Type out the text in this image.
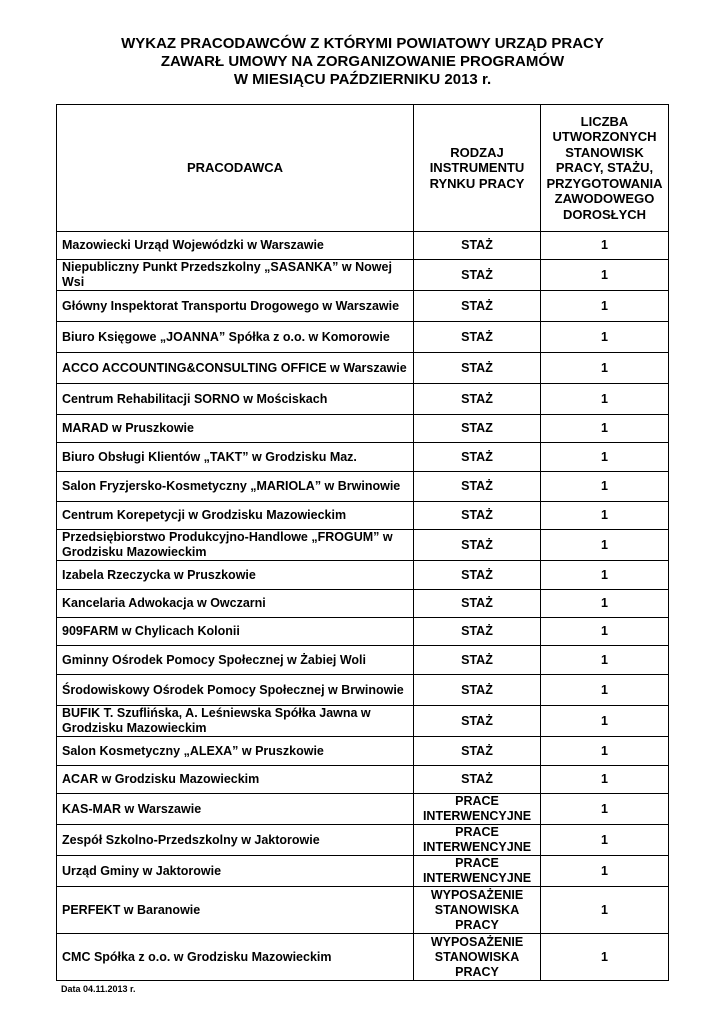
WYKAZ PRACODAWCÓW Z KTÓRYMI POWIATOWY URZĄD PRACY
ZAWARŁ UMOWY NA ZORGANIZOWANIE PROGRAMÓW
W MIESIĄCU PAŹDZIERNIKU 2013 r.
PRACODAWCA	RODZAJ INSTRUMENTU RYNKU PRACY	LICZBA UTWORZONYCH STANOWISK PRACY, STAŻU, PRZYGOTOWANIA ZAWODOWEGO DOROSŁYCH
Mazowiecki Urząd Wojewódzki w Warszawie	STAŻ	1
Niepubliczny Punkt Przedszkolny „SASANKA” w Nowej Wsi	STAŻ	1
Główny Inspektorat Transportu Drogowego w Warszawie	STAŻ	1
Biuro Księgowe „JOANNA” Spółka z o.o. w Komorowie	STAŻ	1
ACCO ACCOUNTING&CONSULTING OFFICE w Warszawie	STAŻ	1
Centrum Rehabilitacji SORNO w Mościskach	STAŻ	1
MARAD w Pruszkowie	STAZ	1
Biuro Obsługi Klientów „TAKT” w Grodzisku Maz.	STAŻ	1
Salon Fryzjersko-Kosmetyczny „MARIOLA” w Brwinowie	STAŻ	1
Centrum Korepetycji w Grodzisku Mazowieckim	STAŻ	1
Przedsiębiorstwo Produkcyjno-Handlowe „FROGUM” w Grodzisku Mazowieckim	STAŻ	1
Izabela Rzeczycka w Pruszkowie	STAŻ	1
Kancelaria Adwokacja w Owczarni	STAŻ	1
909FARM w Chylicach Kolonii	STAŻ	1
Gminny Ośrodek Pomocy Społecznej w Żabiej Woli	STAŻ	1
Środowiskowy Ośrodek Pomocy Społecznej w Brwinowie	STAŻ	1
BUFIK T. Szuflińska, A. Leśniewska Spółka Jawna w Grodzisku Mazowieckim	STAŻ	1
Salon Kosmetyczny „ALEXA” w Pruszkowie	STAŻ	1
ACAR w Grodzisku Mazowieckim	STAŻ	1
KAS-MAR w Warszawie	PRACE INTERWENCYJNE	1
Zespół Szkolno-Przedszkolny w Jaktorowie	PRACE INTERWENCYJNE	1
Urząd Gminy w Jaktorowie	PRACE INTERWENCYJNE	1
PERFEKT w Baranowie	WYPOSAŻENIE STANOWISKA PRACY	1
CMC Spółka z o.o. w Grodzisku Mazowieckim	WYPOSAŻENIE STANOWISKA PRACY	1
Data 04.11.2013 r.
